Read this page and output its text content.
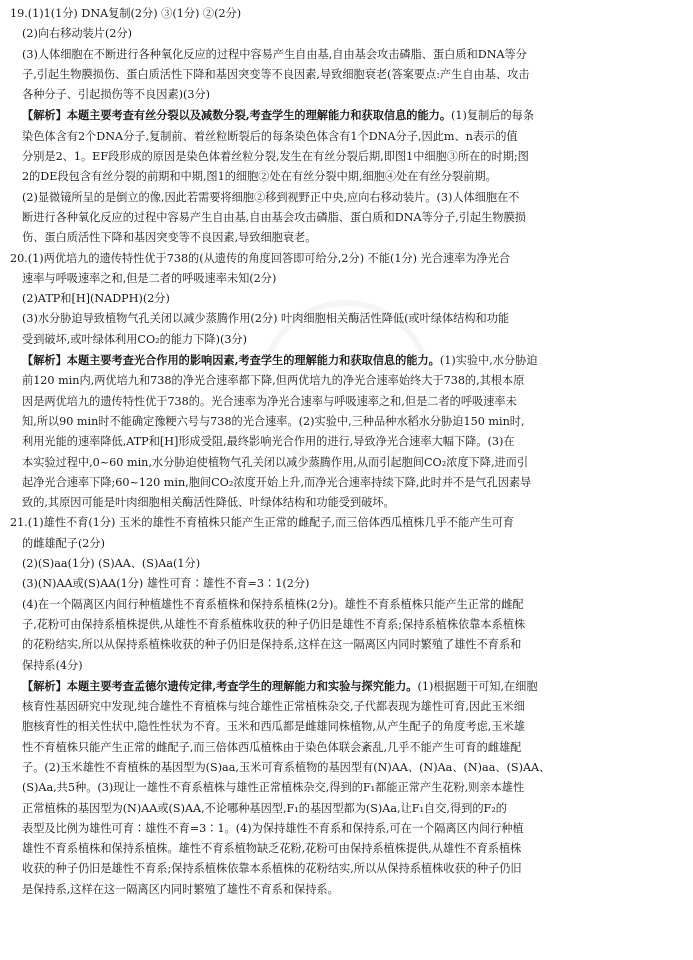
19.(1)1(1分) DNA复制(2分) ③(1分) ②(2分)
(2)向右移动装片(2分)
(3)人体细胞在不断进行各种氧化反应的过程中容易产生自由基,自由基会攻击磷脂、蛋白质和DNA等分
子,引起生物膜损伤、蛋白质活性下降和基因突变等不良因素,导致细胞衰老(答案要点:产生自由基、攻击
各种分子、引起损伤等不良因素)(3分)
【解析】本题主要考查有丝分裂以及减数分裂,考查学生的理解能力和获取信息的能力。(1)复制后的每条
染色体含有2个DNA分子,复制前、着丝粒断裂后的每条染色体含有1个DNA分子,因此m、n表示的值
分别是2、1。EF段形成的原因是染色体着丝粒分裂,发生在有丝分裂后期,即图1中细胞③所在的时期;图
2的DE段包含有丝分裂的前期和中期,图1的细胞②处在有丝分裂中期,细胞④处在有丝分裂前期。
(2)显微镜所呈的是倒立的像,因此若需要将细胞②移到视野正中央,应向右移动装片。(3)人体细胞在不
断进行各种氧化反应的过程中容易产生自由基,自由基会攻击磷脂、蛋白质和DNA等分子,引起生物膜损
伤、蛋白质活性下降和基因突变等不良因素,导致细胞衰老。
20.(1)两优培九的遗传特性优于738的(从遗传的角度回答即可给分,2分) 不能(1分) 光合速率为净光合
速率与呼吸速率之和,但是二者的呼吸速率未知(2分)
(2)ATP和[H](NADPH)(2分)
(3)水分胁迫导致植物气孔关闭以减少蒸腾作用(2分) 叶肉细胞相关酶活性降低(或叶绿体结构和功能
受到破坏,或叶绿体利用CO₂的能力下降)(3分)
【解析】本题主要考查光合作用的影响因素,考查学生的理解能力和获取信息的能力。(1)实验中,水分胁迫
前120 min内,两优培九和738的净光合速率都下降,但两优培九的净光合速率始终大于738的,其根本原
因是两优培九的遗传特性优于738的。光合速率为净光合速率与呼吸速率之和,但是二者的呼吸速率未
知,所以90 min时不能确定豫粳六号与738的光合速率。(2)实验中,三种品种水稻水分胁迫150 min时,
利用光能的速率降低,ATP和[H]形成受阻,最终影响光合作用的进行,导致净光合速率大幅下降。(3)在
本实验过程中,0~60 min,水分胁迫使植物气孔关闭以减少蒸腾作用,从而引起胞间CO₂浓度下降,进而引
起净光合速率下降;60~120 min,胞间CO₂浓度开始上升,而净光合速率持续下降,此时并不是气孔因素导
致的,其原因可能是叶肉细胞相关酶活性降低、叶绿体结构和功能受到破坏。
21.(1)雄性不育(1分) 玉米的雄性不育植株只能产生正常的雌配子,而三倍体西瓜植株几乎不能产生可育
的雌雄配子(2分)
(2)(S)aa(1分) (S)AA、(S)Aa(1分)
(3)(N)AA或(S)AA(1分) 雄性可育∶雄性不育=3∶1(2分)
(4)在一个隔离区内间行种植雄性不育系植株和保持系植株(2分)。雄性不育系植株只能产生正常的雌配
子,花粉可由保持系植株提供,从雄性不育系植株收获的种子仍旧是雄性不育系;保持系植株依靠本系植株
的花粉结实,所以从保持系植株收获的种子仍旧是保持系,这样在这一隔离区内同时繁殖了雄性不育系和
保持系(4分)
【解析】本题主要考查孟德尔遗传定律,考查学生的理解能力和实验与探究能力。(1)根据题干可知,在细胞
核育性基因研究中发现,纯合雄性不育植株与纯合雄性正常植株杂交,子代都表现为雄性可育,因此玉米细
胞核育性的相关性状中,隐性性状为不育。玉米和西瓜都是雌雄同株植物,从产生配子的角度考虑,玉米雄
性不育植株只能产生正常的雌配子,而三倍体西瓜植株由于染色体联会紊乱,几乎不能产生可育的雌雄配
子。(2)玉米雄性不育植株的基因型为(S)aa,玉米可育系植物的基因型有(N)AA、(N)Aa、(N)aa、(S)AA、
(S)Aa,共5种。(3)现让一雄性不育系植株与雄性正常植株杂交,得到的F₁都能正常产生花粉,则亲本雄性
正常植株的基因型为(N)AA或(S)AA,不论哪种基因型,F₁的基因型都为(S)Aa,让F₁自交,得到的F₂的
表型及比例为雄性可育∶雄性不育=3∶1。(4)为保持雄性不育系和保持系,可在一个隔离区内间行种植
雄性不育系植株和保持系植株。雄性不育系植物缺乏花粉,花粉可由保持系植株提供,从雄性不育系植株
收获的种子仍旧是雄性不育系;保持系植株依靠本系植株的花粉结实,所以从保持系植株收获的种子仍旧
是保持系,这样在这一隔离区内同时繁殖了雄性不育系和保持系。
